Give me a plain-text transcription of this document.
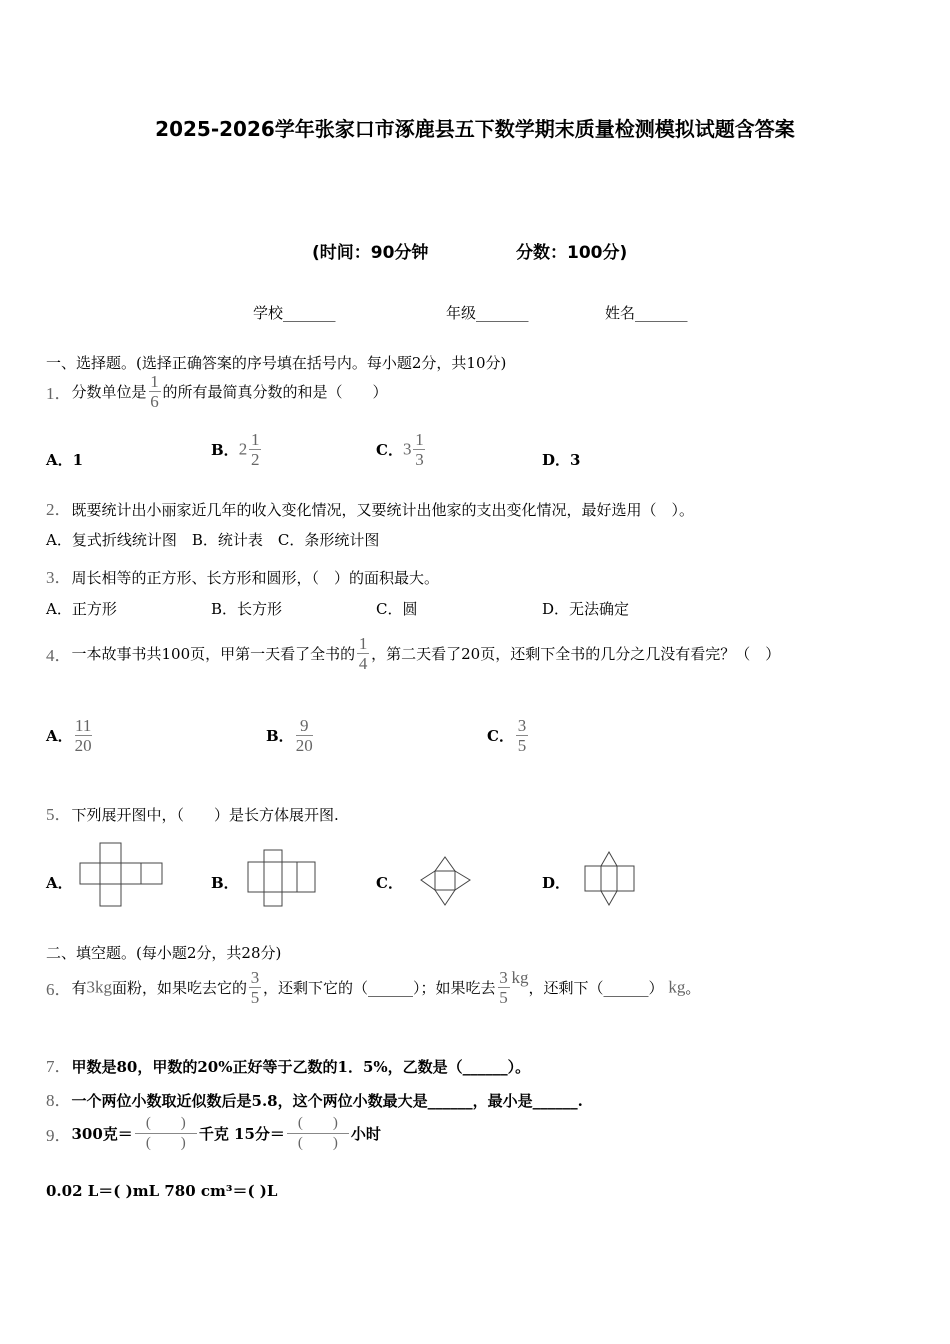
2025-2026学年张家口市涿鹿县五下数学期末质量检测模拟试题含答案
(时间：90分钟	分数：100分)
学校_______	年级_______	姓名_______
一、选择题。(选择正确答案的序号填在括号内。每小题2分，共10分)
1．分数单位是 $\frac{1}{6}$ 的所有最简真分数的和是（　　）
A．1
B．$2 \frac{1}{2}$	C．$3 \frac{1}{3}$	D．3
2．既要统计出小丽家近几年的收入变化情况，又要统计出他家的支出变化情况，最好选用（　）。
A．复式折线统计图　B．统计表　C．条形统计图
3．周长相等的正方形、长方形和圆形，（　）的面积最大。
A．正方形	B．长方形	C．圆	D．无法确定
4．一本故事书共100页，甲第一天看了全书的 $\frac{1}{4}$ ，第二天看了20页，还剩下全书的几分之几没有看完？（　）
A． $\frac{11}{20}$	B． $\frac{9}{20}$	C． $\frac{3}{5}$
5．下列展开图中，（　　）是长方体展开图.
A．	B．	C．	D．
二、填空题。(每小题2分，共28分)
6．有3kg面粉，如果吃去它的 $\frac{3}{5}$ ，还剩下它的（______）；如果吃去 $\frac{3}{5}$ kg，还剩下（______） kg。
7．甲数是80，甲数的20%正好等于乙数的1．5%，乙数是（______）。
8．一个两位小数取近似数后是5.8，这个两位小数最大是______，最小是______.
9．300克＝ $\frac{( )}{( )}$ 千克 15分＝ $\frac{( )}{( )}$ 小时
0.02 L＝( )mL 780 cm³＝( )L
